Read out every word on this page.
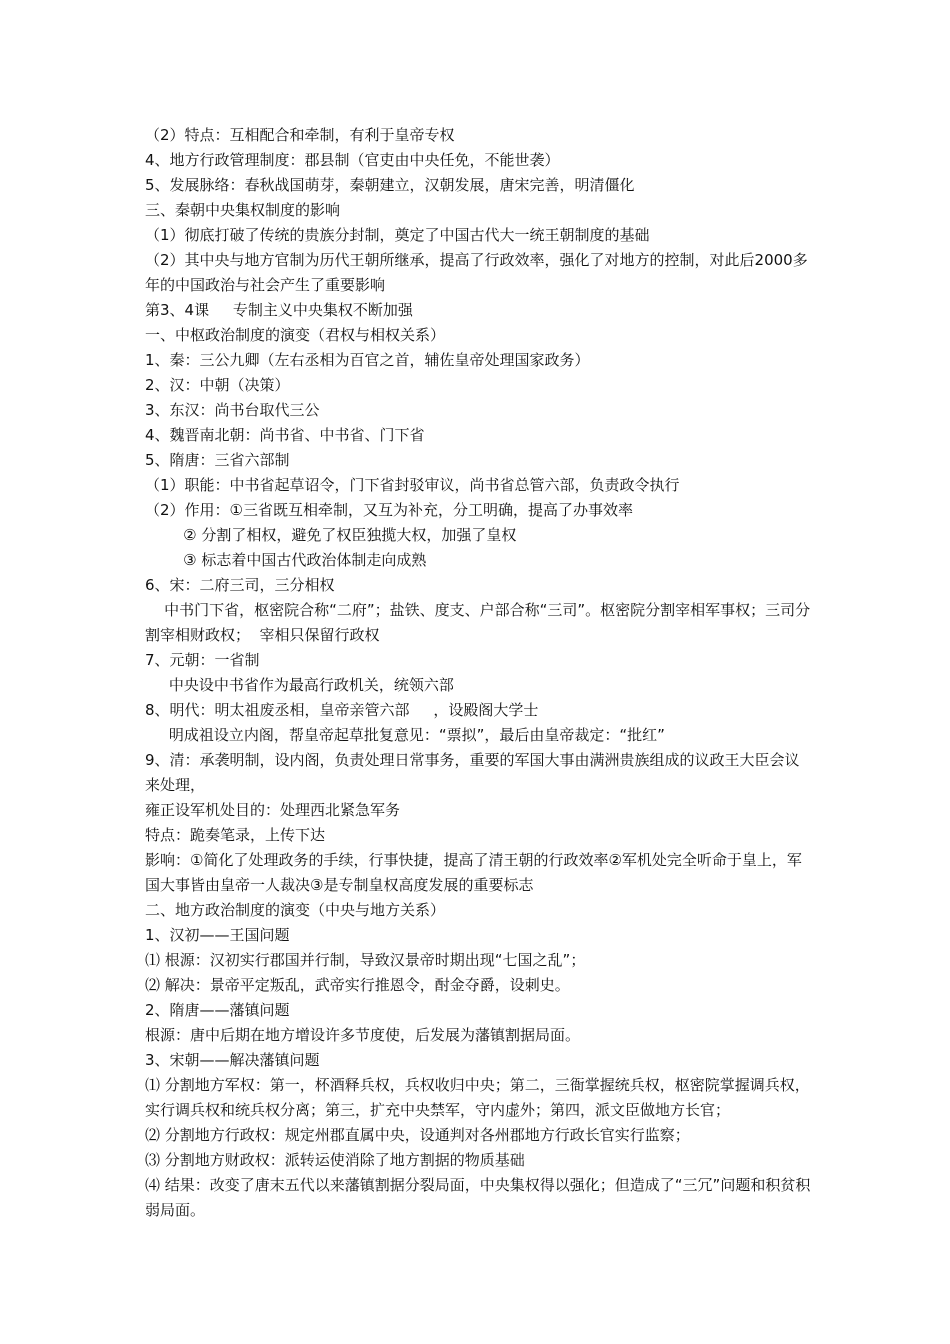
（2）特点：互相配合和牵制，有利于皇帝专权

4、地方行政管理制度：郡县制（官吏由中央任免，不能世袭）

5、发展脉络：春秋战国萌芽，秦朝建立，汉朝发展，唐宋完善，明清僵化

三、秦朝中央集权制度的影响

（1）彻底打破了传统的贵族分封制，奠定了中国古代大一统王朝制度的基础

（2）其中央与地方官制为历代王朝所继承，提高了行政效率，强化了对地方的控制，对此后2000多年的中国政治与社会产生了重要影响

第3、4课     专制主义中央集权不断加强

一、中枢政治制度的演变（君权与相权关系）

1、秦：三公九卿（左右丞相为百官之首，辅佐皇帝处理国家政务）

2、汉：中朝（决策）

3、东汉：尚书台取代三公

4、魏晋南北朝：尚书省、中书省、门下省

5、隋唐：三省六部制

（1）职能：中书省起草诏令，门下省封驳审议，尚书省总管六部，负责政令执行

（2）作用：①三省既互相牵制，又互为补充，分工明确，提高了办事效率

② 分割了相权，避免了权臣独揽大权，加强了皇权

③ 标志着中国古代政治体制走向成熟

6、宋：二府三司，三分相权

中书门下省，枢密院合称“二府”；盐铁、度支、户部合称“三司”。枢密院分割宰相军事权；三司分割宰相财政权；  宰相只保留行政权

7、元朝：一省制

中央设中书省作为最高行政机关，统领六部

8、明代：明太祖废丞相，皇帝亲管六部     ，设殿阁大学士

明成祖设立内阁，帮皇帝起草批复意见：“票拟”，最后由皇帝裁定：“批红”

9、清：承袭明制，设内阁，负责处理日常事务，重要的军国大事由满洲贵族组成的议政王大臣会议来处理，

雍正设军机处目的：处理西北紧急军务

特点：跪奏笔录，上传下达

影响：①简化了处理政务的手续，行事快捷，提高了清王朝的行政效率②军机处完全听命于皇上，军国大事皆由皇帝一人裁决③是专制皇权高度发展的重要标志

二、地方政治制度的演变（中央与地方关系）

1、汉初——王国问题

⑴ 根源：汉初实行郡国并行制，导致汉景帝时期出现“七国之乱”；

⑵ 解决：景帝平定叛乱，武帝实行推恩令，酎金夺爵，设刺史。

2、隋唐——藩镇问题

根源：唐中后期在地方增设许多节度使，后发展为藩镇割据局面。

3、宋朝——解决藩镇问题

⑴ 分割地方军权：第一，杯酒释兵权，兵权收归中央；第二，三衙掌握统兵权，枢密院掌握调兵权，实行调兵权和统兵权分离；第三，扩充中央禁军，守内虚外；第四，派文臣做地方长官；

⑵ 分割地方行政权：规定州郡直属中央，设通判对各州郡地方行政长官实行监察；

⑶ 分割地方财政权：派转运使消除了地方割据的物质基础

⑷ 结果：改变了唐末五代以来藩镇割据分裂局面，中央集权得以强化；但造成了“三冗”问题和积贫积弱局面。
